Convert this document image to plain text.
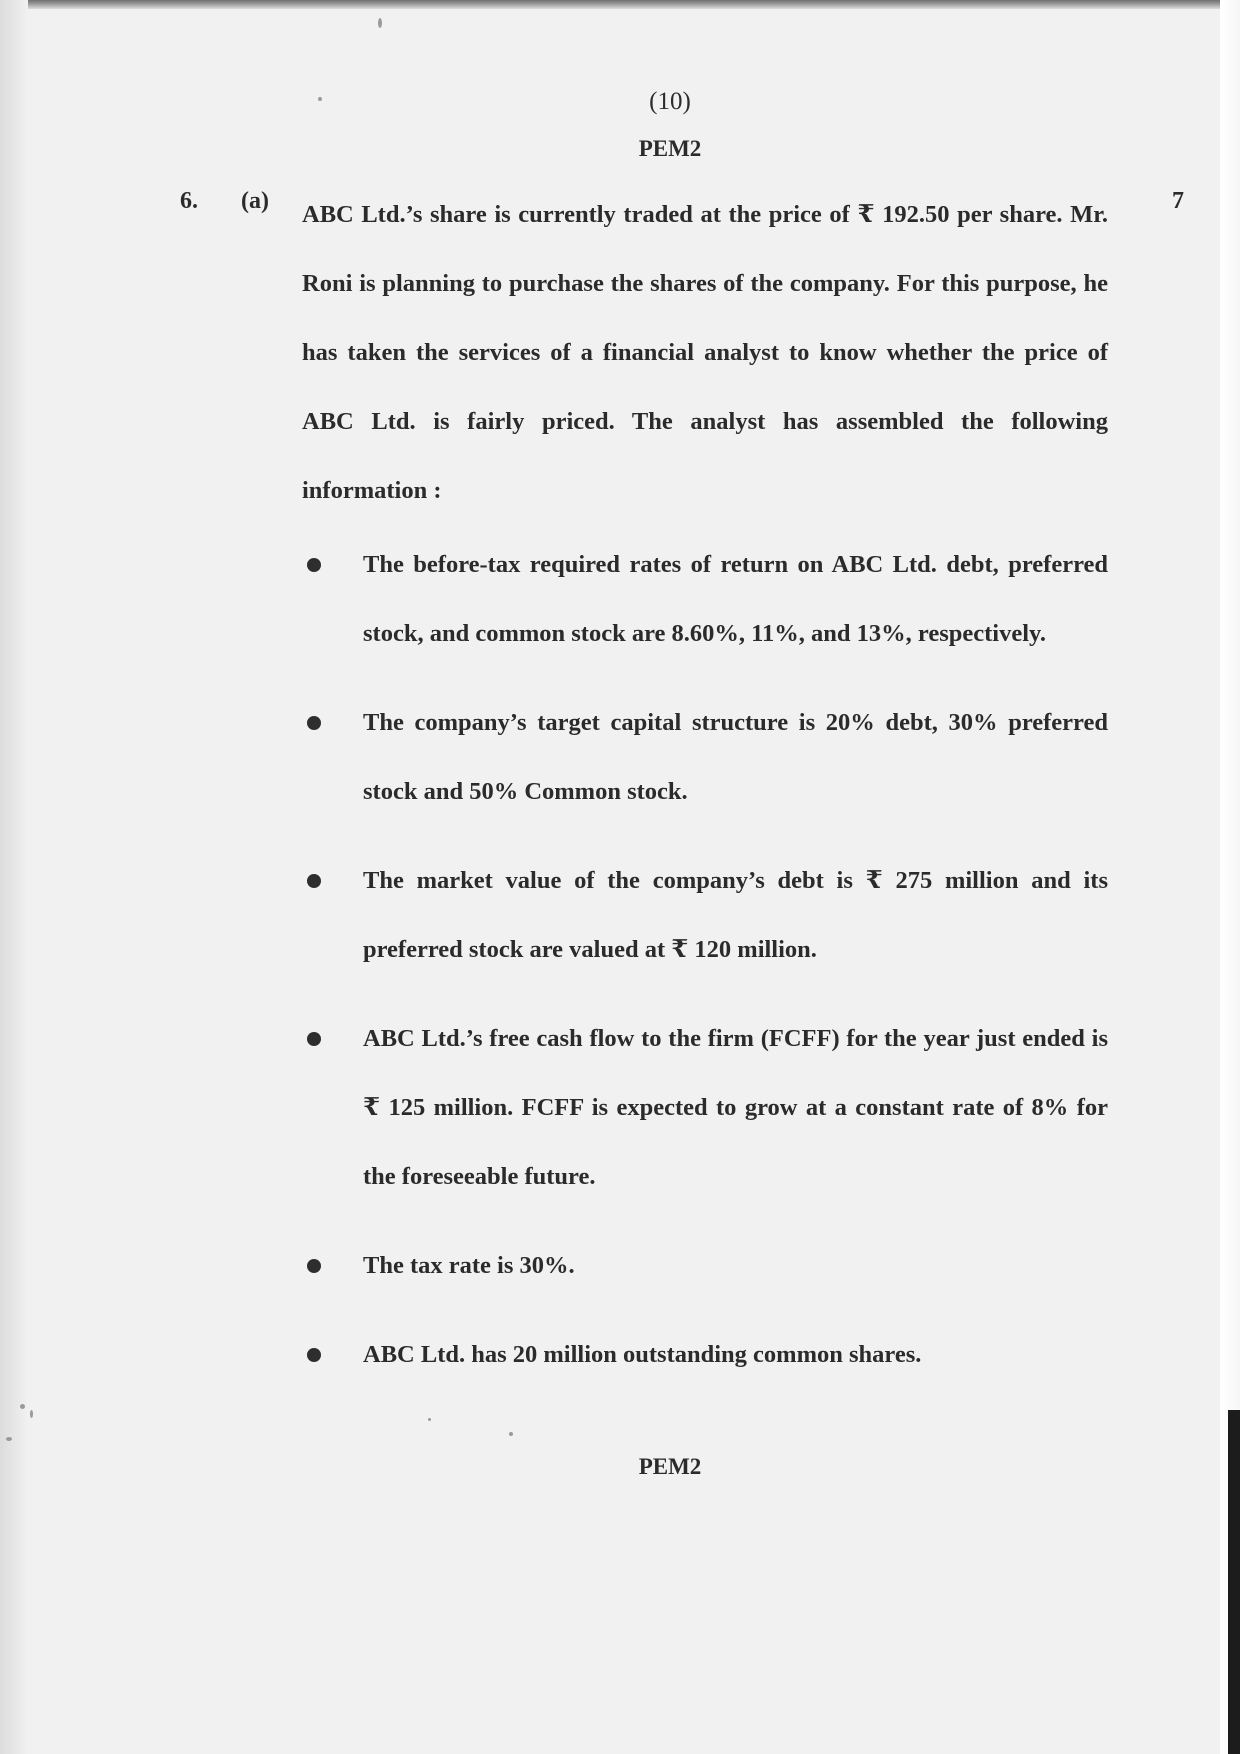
(10)
PEM2
6. (a)	7

ABC Ltd.’s share is currently traded at the price of ₹ 192.50 per share. Mr. Roni is planning to purchase the shares of the company. For this purpose, he has taken the services of a financial analyst to know whether the price of ABC Ltd. is fairly priced. The analyst has assembled the following information :

The before-tax required rates of return on ABC Ltd. debt, preferred stock, and common stock are 8.60%, 11%, and 13%, respectively.
The company’s target capital structure is 20% debt, 30% preferred stock and 50% Common stock.
The market value of the company’s debt is ₹ 275 million and its preferred stock are valued at ₹ 120 million.
ABC Ltd.’s free cash flow to the firm (FCFF) for the year just ended is ₹ 125 million. FCFF is expected to grow at a constant rate of 8% for the foreseeable future.
The tax rate is 30%.
ABC Ltd. has 20 million outstanding common shares.
PEM2
